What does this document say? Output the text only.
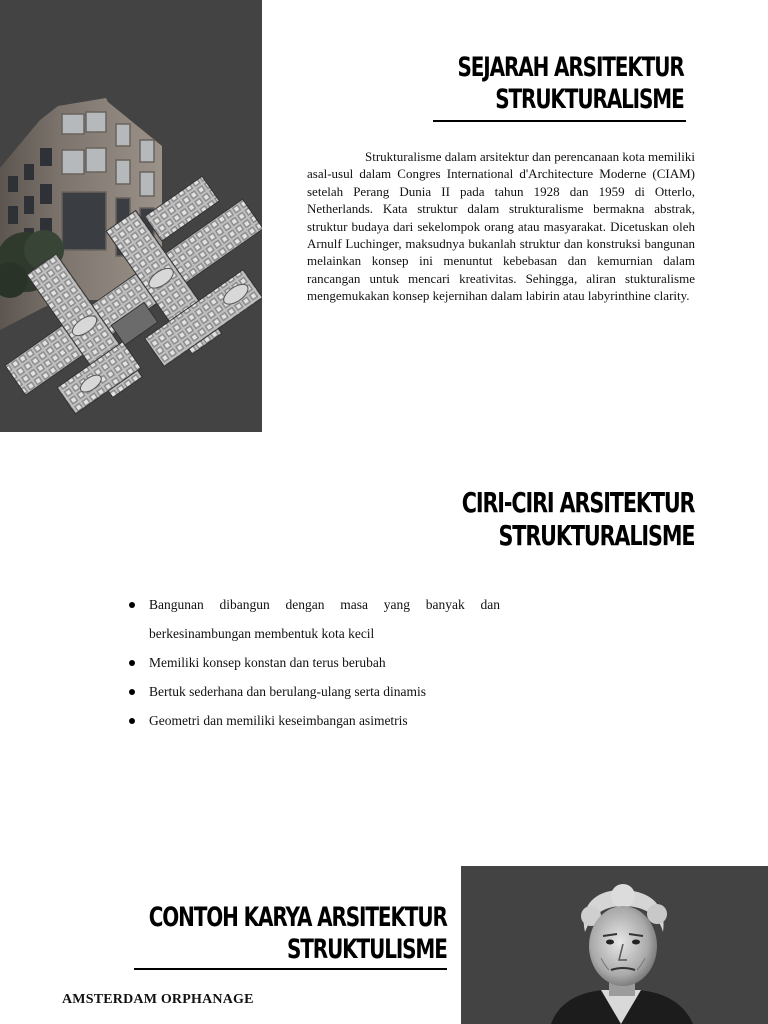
SEJARAH ARSITEKTUR
STRUKTURALISME

Strukturalisme dalam arsitektur dan perencanaan kota memiliki asal-usul dalam Congres International d'Architecture Moderne (CIAM) setelah Perang Dunia II pada tahun 1928 dan 1959 di Otterlo, Netherlands. Kata struktur dalam strukturalisme bermakna abstrak, struktur budaya dari sekelompok orang atau masyarakat. Dicetuskan oleh Arnulf Luchinger, maksudnya bukanlah struktur dan konstruksi bangunan melainkan konsep ini menuntut kebebasan dan kemurnian dalam rancangan untuk mencari kreativitas. Sehingga, aliran stukturalisme mengemukakan konsep kejernihan dalam labirin atau labyrinthine clarity.

CIRI-CIRI ARSITEKTUR
STRUKTURALISME
Bangunan dibangun dengan masa yang banyak dan berkesinambungan membentuk kota kecil
Memiliki konsep konstan dan terus berubah
Bertuk sederhana dan berulang-ulang serta dinamis
Geometri dan memiliki keseimbangan asimetris
CONTOH KARYA ARSITEKTUR
STRUKTULISME

AMSTERDAM ORPHANAGE
